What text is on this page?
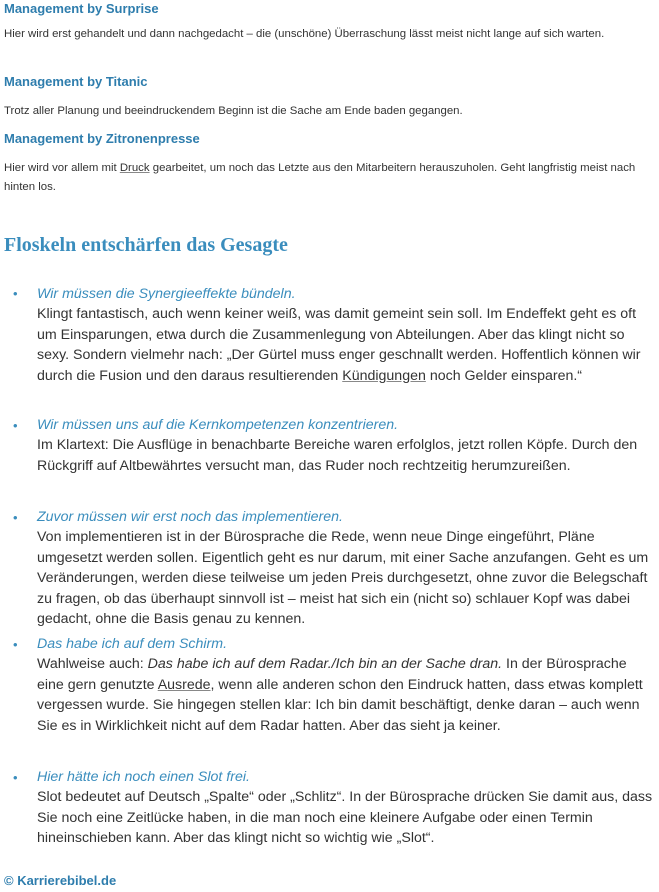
Management by Surprise

Hier wird erst gehandelt und dann nachgedacht – die (unschöne) Überraschung lässt meist nicht lange auf sich warten.

Management by Titanic

Trotz aller Planung und beeindruckendem Beginn ist die Sache am Ende baden gegangen.

Management by Zitronenpresse

Hier wird vor allem mit Druck gearbeitet, um noch das Letzte aus den Mitarbeitern herauszuholen. Geht langfristig meist nach hinten los.

Floskeln entschärfen das Gesagte
• Wir müssen die Synergieeffekte bündeln.
Klingt fantastisch, auch wenn keiner weiß, was damit gemeint sein soll. Im Endeffekt geht es oft um Einsparungen, etwa durch die Zusammenlegung von Abteilungen. Aber das klingt nicht so sexy. Sondern vielmehr nach: „Der Gürtel muss enger geschnallt werden. Hoffentlich können wir durch die Fusion und den daraus resultierenden Kündigungen noch Gelder einsparen.“
• Wir müssen uns auf die Kernkompetenzen konzentrieren.
Im Klartext: Die Ausflüge in benachbarte Bereiche waren erfolglos, jetzt rollen Köpfe. Durch den Rückgriff auf Altbewährtes versucht man, das Ruder noch rechtzeitig herumzureißen.
• Zuvor müssen wir erst noch das implementieren.
Von implementieren ist in der Bürosprache die Rede, wenn neue Dinge eingeführt, Pläne umgesetzt werden sollen. Eigentlich geht es nur darum, mit einer Sache anzufangen. Geht es um Veränderungen, werden diese teilweise um jeden Preis durchgesetzt, ohne zuvor die Belegschaft zu fragen, ob das überhaupt sinnvoll ist – meist hat sich ein (nicht so) schlauer Kopf was dabei gedacht, ohne die Basis genau zu kennen.
• Das habe ich auf dem Schirm.
Wahlweise auch: Das habe ich auf dem Radar./Ich bin an der Sache dran. In der Bürosprache eine gern genutzte Ausrede, wenn alle anderen schon den Eindruck hatten, dass etwas komplett vergessen wurde. Sie hingegen stellen klar: Ich bin damit beschäftigt, denke daran – auch wenn Sie es in Wirklichkeit nicht auf dem Radar hatten. Aber das sieht ja keiner.
• Hier hätte ich noch einen Slot frei.
Slot bedeutet auf Deutsch „Spalte“ oder „Schlitz“. In der Bürosprache drücken Sie damit aus, dass Sie noch eine Zeitlücke haben, in die man noch eine kleinere Aufgabe oder einen Termin hineinschieben kann. Aber das klingt nicht so wichtig wie „Slot“.
© Karrierebibel.de
